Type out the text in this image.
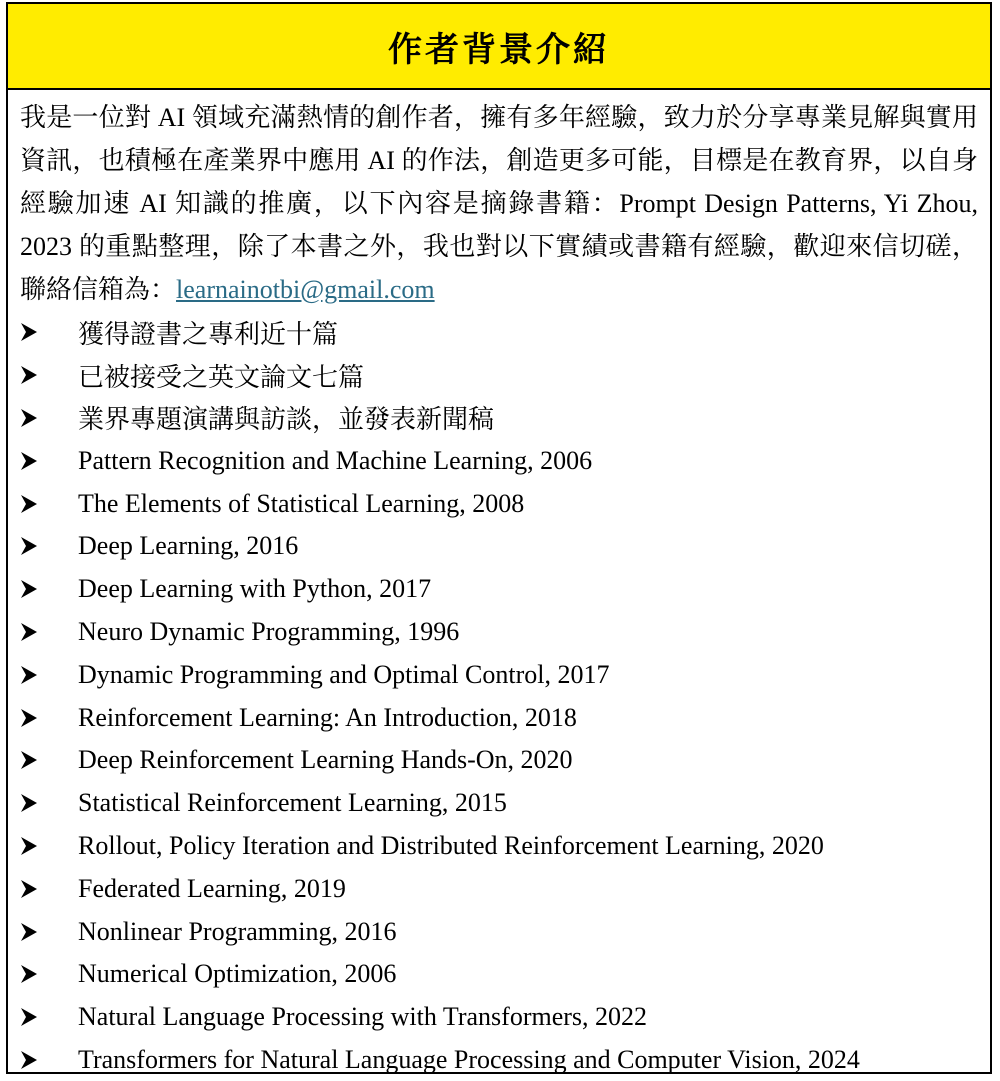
作者背景介紹

我是一位對 AI 領域充滿熱情的創作者，擁有多年經驗，致力於分享專業見解與實用資訊，也積極在產業界中應用 AI 的作法，創造更多可能，目標是在教育界，以自身經驗加速 AI 知識的推廣，以下內容是摘錄書籍：Prompt Design Patterns, Yi Zhou, 2023 的重點整理，除了本書之外，我也對以下實績或書籍有經驗，歡迎來信切磋，聯絡信箱為：learnainotbi@gmail.com

獲得證書之專利近十篇
已被接受之英文論文七篇
業界專題演講與訪談，並發表新聞稿
Pattern Recognition and Machine Learning, 2006
The Elements of Statistical Learning, 2008
Deep Learning, 2016
Deep Learning with Python, 2017
Neuro Dynamic Programming, 1996
Dynamic Programming and Optimal Control, 2017
Reinforcement Learning: An Introduction, 2018
Deep Reinforcement Learning Hands-On, 2020
Statistical Reinforcement Learning, 2015
Rollout, Policy Iteration and Distributed Reinforcement Learning, 2020
Federated Learning, 2019
Nonlinear Programming, 2016
Numerical Optimization, 2006
Natural Language Processing with Transformers, 2022
Transformers for Natural Language Processing and Computer Vision, 2024
